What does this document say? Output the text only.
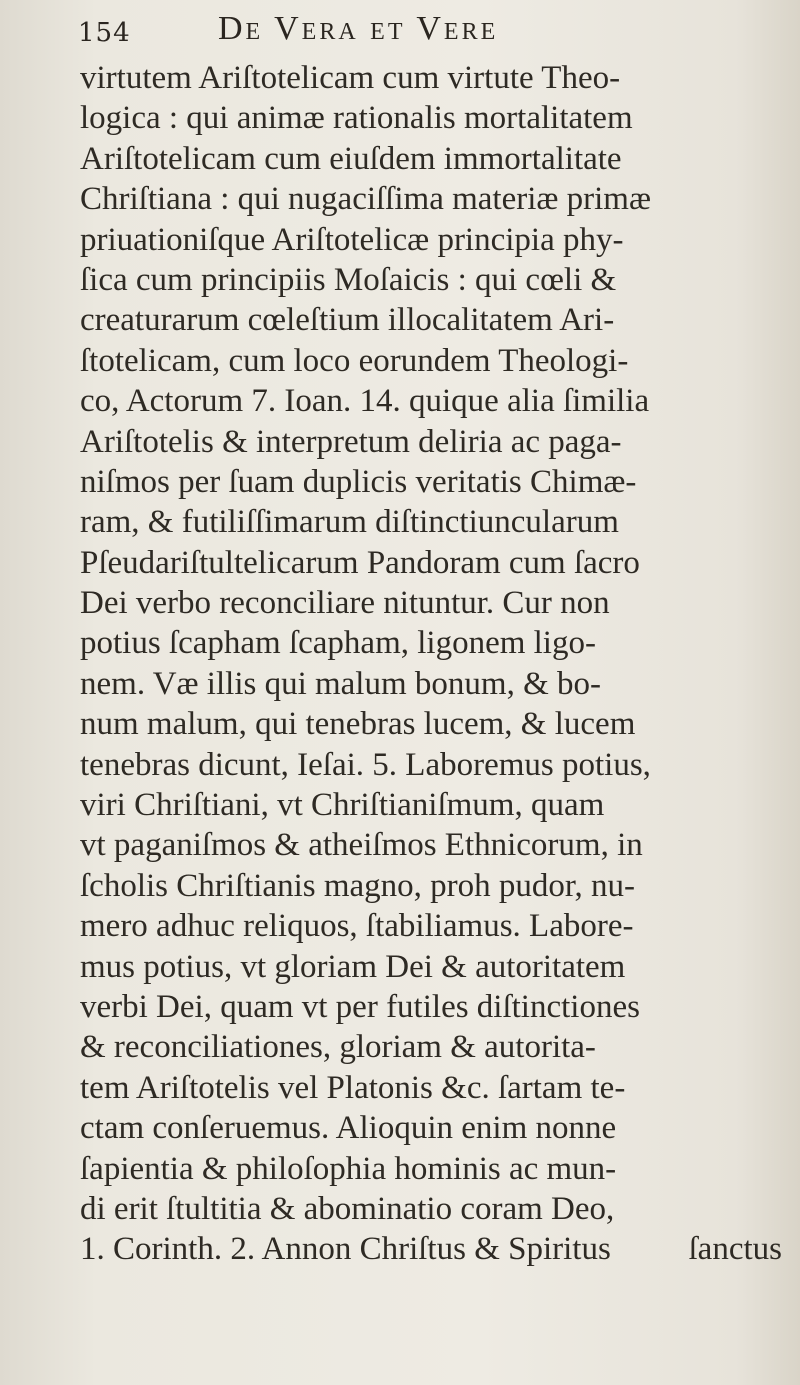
154	De Vera et Vere
virtutem Ariſtotelicam cum virtute Theo-
logica : qui animæ rationalis mortalitatem
Ariſtotelicam cum eiuſdem immortalitate
Chriſtiana : qui nugaciſſima materiæ primæ
priuationiſque Ariſtotelicæ principia phy-
ſica cum principiis Moſaicis : qui cœli &
creaturarum cœleſtium illocalitatem Ari-
ſtotelicam, cum loco eorundem Theologi-
co, Actorum 7. Ioan. 14. quique alia ſimilia
Ariſtotelis & interpretum deliria ac paga-
niſmos per ſuam duplicis veritatis Chimæ-
ram, & futiliſſimarum diſtinctiuncularum
Pſeudariſtultelicarum Pandoram cum ſacro
Dei verbo reconciliare nituntur. Cur non
potius ſcapham ſcapham, ligonem ligo-
nem. Væ illis qui malum bonum, & bo-
num malum, qui tenebras lucem, & lucem
tenebras dicunt, Ieſai. 5. Laboremus potius,
viri Chriſtiani, vt Chriſtianiſmum, quam
vt paganiſmos & atheiſmos Ethnicorum, in
ſcholis Chriſtianis magno, proh pudor, nu-
mero adhuc reliquos, ſtabiliamus. Labore-
mus potius, vt gloriam Dei & autoritatem
verbi Dei, quam vt per futiles diſtinctiones
& reconciliationes, gloriam & autorita-
tem Ariſtotelis vel Platonis &c. ſartam te-
ctam conſeruemus. Alioquin enim nonne
ſapientia & philoſophia hominis ac mun-
di erit ſtultitia & abominatio coram Deo,
1. Corinth. 2. Annon Chriſtus & Spiritus	ſanctus
